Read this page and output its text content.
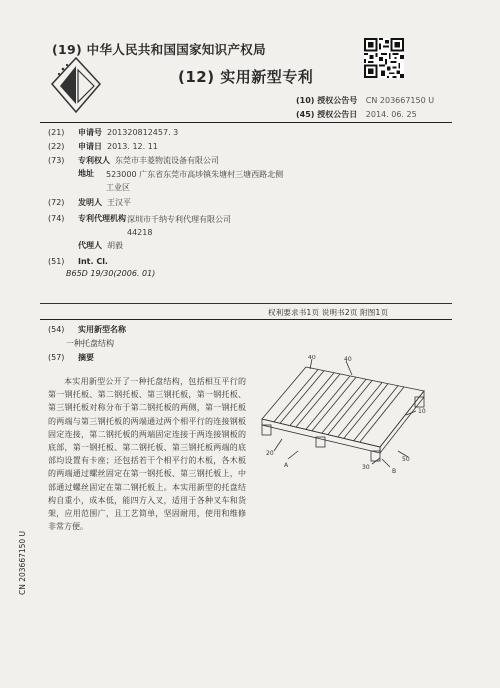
(19) 中华人民共和国国家知识产权局
(12) 实用新型专利
(10) 授权公告号 CN 203667150 U
(45) 授权公告日 2014. 06. 25
(21) 申请号 201320812457. 3
(22) 申请日 2013. 12. 11
(73) 专利权人 东莞市丰菱物流设备有限公司
地址	523000 广东省东莞市高埗镇朱塘村三塘西路北侧工业区
(72) 发明人 王汉平
(74) 专利代理机构 深圳市千纳专利代理有限公司 44218
代理人 胡毅
(51) Int. Cl.
B65D 19/30(2006. 01)
权利要求书1页 说明书2页 附图1页
(54) 实用新型名称
一种托盘结构
(57) 摘要
本实用新型公开了一种托盘结构，包括相互平行的第一钢托板、第二钢托板、第三钢托板，第一钢托板、第三钢托板对称分布于第二钢托板的两侧，第一钢托板的两端与第三钢托板的两端通过两个相平行的连接钢板固定连接，第二钢托板的两端固定连接于两连接钢板的底部，第一钢托板、第二钢托板、第三钢托板两端的底部均设置有卡座；还包括若干个相平行的木板，各木板的两端通过螺丝固定在第一钢托板、第三钢托板上，中部通过螺丝固定在第二钢托板上。本实用新型的托盘结构自重小，成本低，能四方入叉，适用于各种叉车和货架，应用范围广，且工艺简单，坚固耐用，使用和维修非常方便。
40
40
10
50
20
30
A
B
CN 203667150 U
